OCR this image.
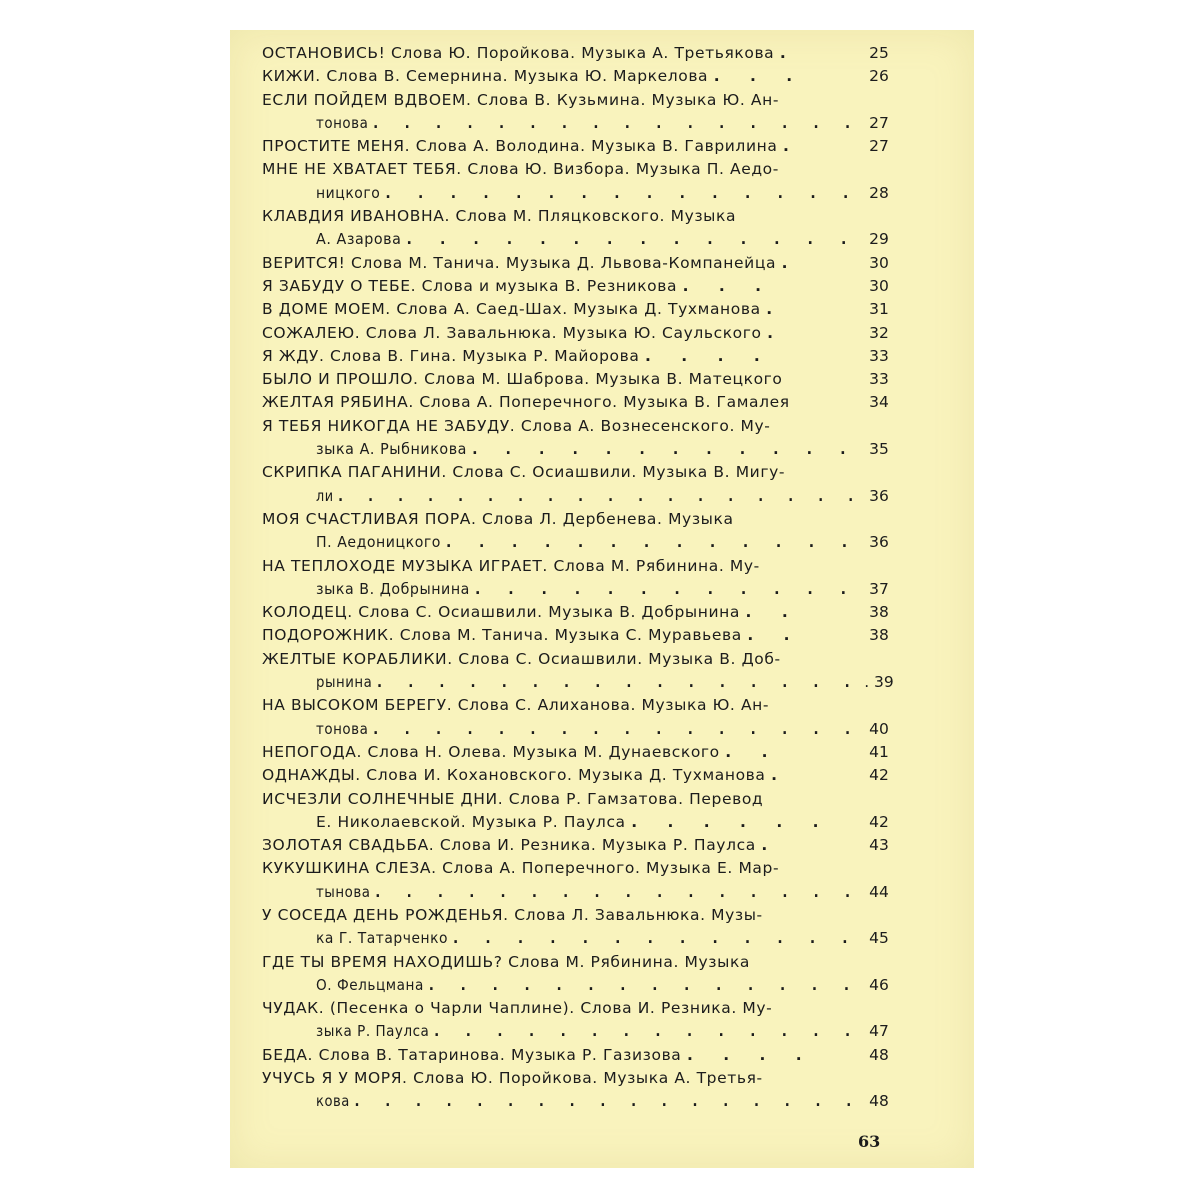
ОСТАНОВИСЬ! Слова Ю. Поройкова. Музыка А. Третьякова .	25
КИЖИ. Слова В. Семернина. Музыка Ю. Маркелова . . .	26
ЕСЛИ ПОЙДЕМ ВДВОЕМ. Слова В. Кузьмина. Музыка Ю. Ан-
тонова . . . . . . . . . . . . . . . . 27
ПРОСТИТЕ МЕНЯ. Слова А. Володина. Музыка В. Гаврилина .	27
МНЕ НЕ ХВАТАЕТ ТЕБЯ. Слова Ю. Визбора. Музыка П. Аедо-
ницкого . . . . . . . . . . . . . . . 28
КЛАВДИЯ ИВАНОВНА. Слова М. Пляцковского. Музыка
А. Азарова . . . . . . . . . . . . . . 29
ВЕРИТСЯ! Слова М. Танича. Музыка Д. Львова-Компанейца .	30
Я ЗАБУДУ О ТЕБЕ. Слова и музыка В. Резникова . . .	30
В ДОМЕ МОЕМ. Слова А. Саед-Шах. Музыка Д. Тухманова .	31
СОЖАЛЕЮ. Слова Л. Завальнюка. Музыка Ю. Саульского .	32
Я ЖДУ. Слова В. Гина. Музыка Р. Майорова . . . .	33
БЫЛО И ПРОШЛО. Слова М. Шаброва. Музыка В. Матецкого	33
ЖЕЛТАЯ РЯБИНА. Слова А. Поперечного. Музыка В. Гамалея	34
Я ТЕБЯ НИКОГДА НЕ ЗАБУДУ. Слова А. Вознесенского. Му-
зыка А. Рыбникова . . . . . . . . . . . . 35
СКРИПКА ПАГАНИНИ. Слова С. Осиашвили. Музыка В. Мигу-
ли . . . . . . . . . . . . . . . . . . 36
МОЯ СЧАСТЛИВАЯ ПОРА. Слова Л. Дербенева. Музыка
П. Аедоницкого . . . . . . . . . . . . . 36
НА ТЕПЛОХОДЕ МУЗЫКА ИГРАЕТ. Слова М. Рябинина. Му-
зыка В. Добрынина . . . . . . . . . . . . 37
КОЛОДЕЦ. Слова С. Осиашвили. Музыка В. Добрынина . .	38
ПОДОРОЖНИК. Слова М. Танича. Музыка С. Муравьева . .	38
ЖЕЛТЫЕ КОРАБЛИКИ. Слова С. Осиашвили. Музыка В. Доб-
рынина . . . . . . . . . . . . . . . . . 39
НА ВЫСОКОМ БЕРЕГУ. Слова С. Алиханова. Музыка Ю. Ан-
тонова . . . . . . . . . . . . . . . . 40
НЕПОГОДА. Слова Н. Олева. Музыка М. Дунаевского . .	41
ОДНАЖДЫ. Слова И. Кохановского. Музыка Д. Тухманова .	42
ИСЧЕЗЛИ СОЛНЕЧНЫЕ ДНИ. Слова Р. Гамзатова. Перевод
Е. Николаевской. Музыка Р. Паулса . . . . . .	42
ЗОЛОТАЯ СВАДЬБА. Слова И. Резника. Музыка Р. Паулса .	43
КУКУШКИНА СЛЕЗА. Слова А. Поперечного. Музыка Е. Мар-
тынова . . . . . . . . . . . . . . . . 44
У СОСЕДА ДЕНЬ РОЖДЕНЬЯ. Слова Л. Завальнюка. Музы-
ка Г. Татарченко . . . . . . . . . . . . . 45
ГДЕ ТЫ ВРЕМЯ НАХОДИШЬ? Слова М. Рябинина. Музыка
О. Фельцмана . . . . . . . . . . . . . . 46
ЧУДАК. (Песенка о Чарли Чаплине). Слова И. Резника. Му-
зыка Р. Паулса . . . . . . . . . . . . . . 47
БЕДА. Слова В. Татаринова. Музыка Р. Газизова . . . .	48
УЧУСЬ Я У МОРЯ. Слова Ю. Поройкова. Музыка А. Третья-
кова . . . . . . . . . . . . . . . . . 48
63
